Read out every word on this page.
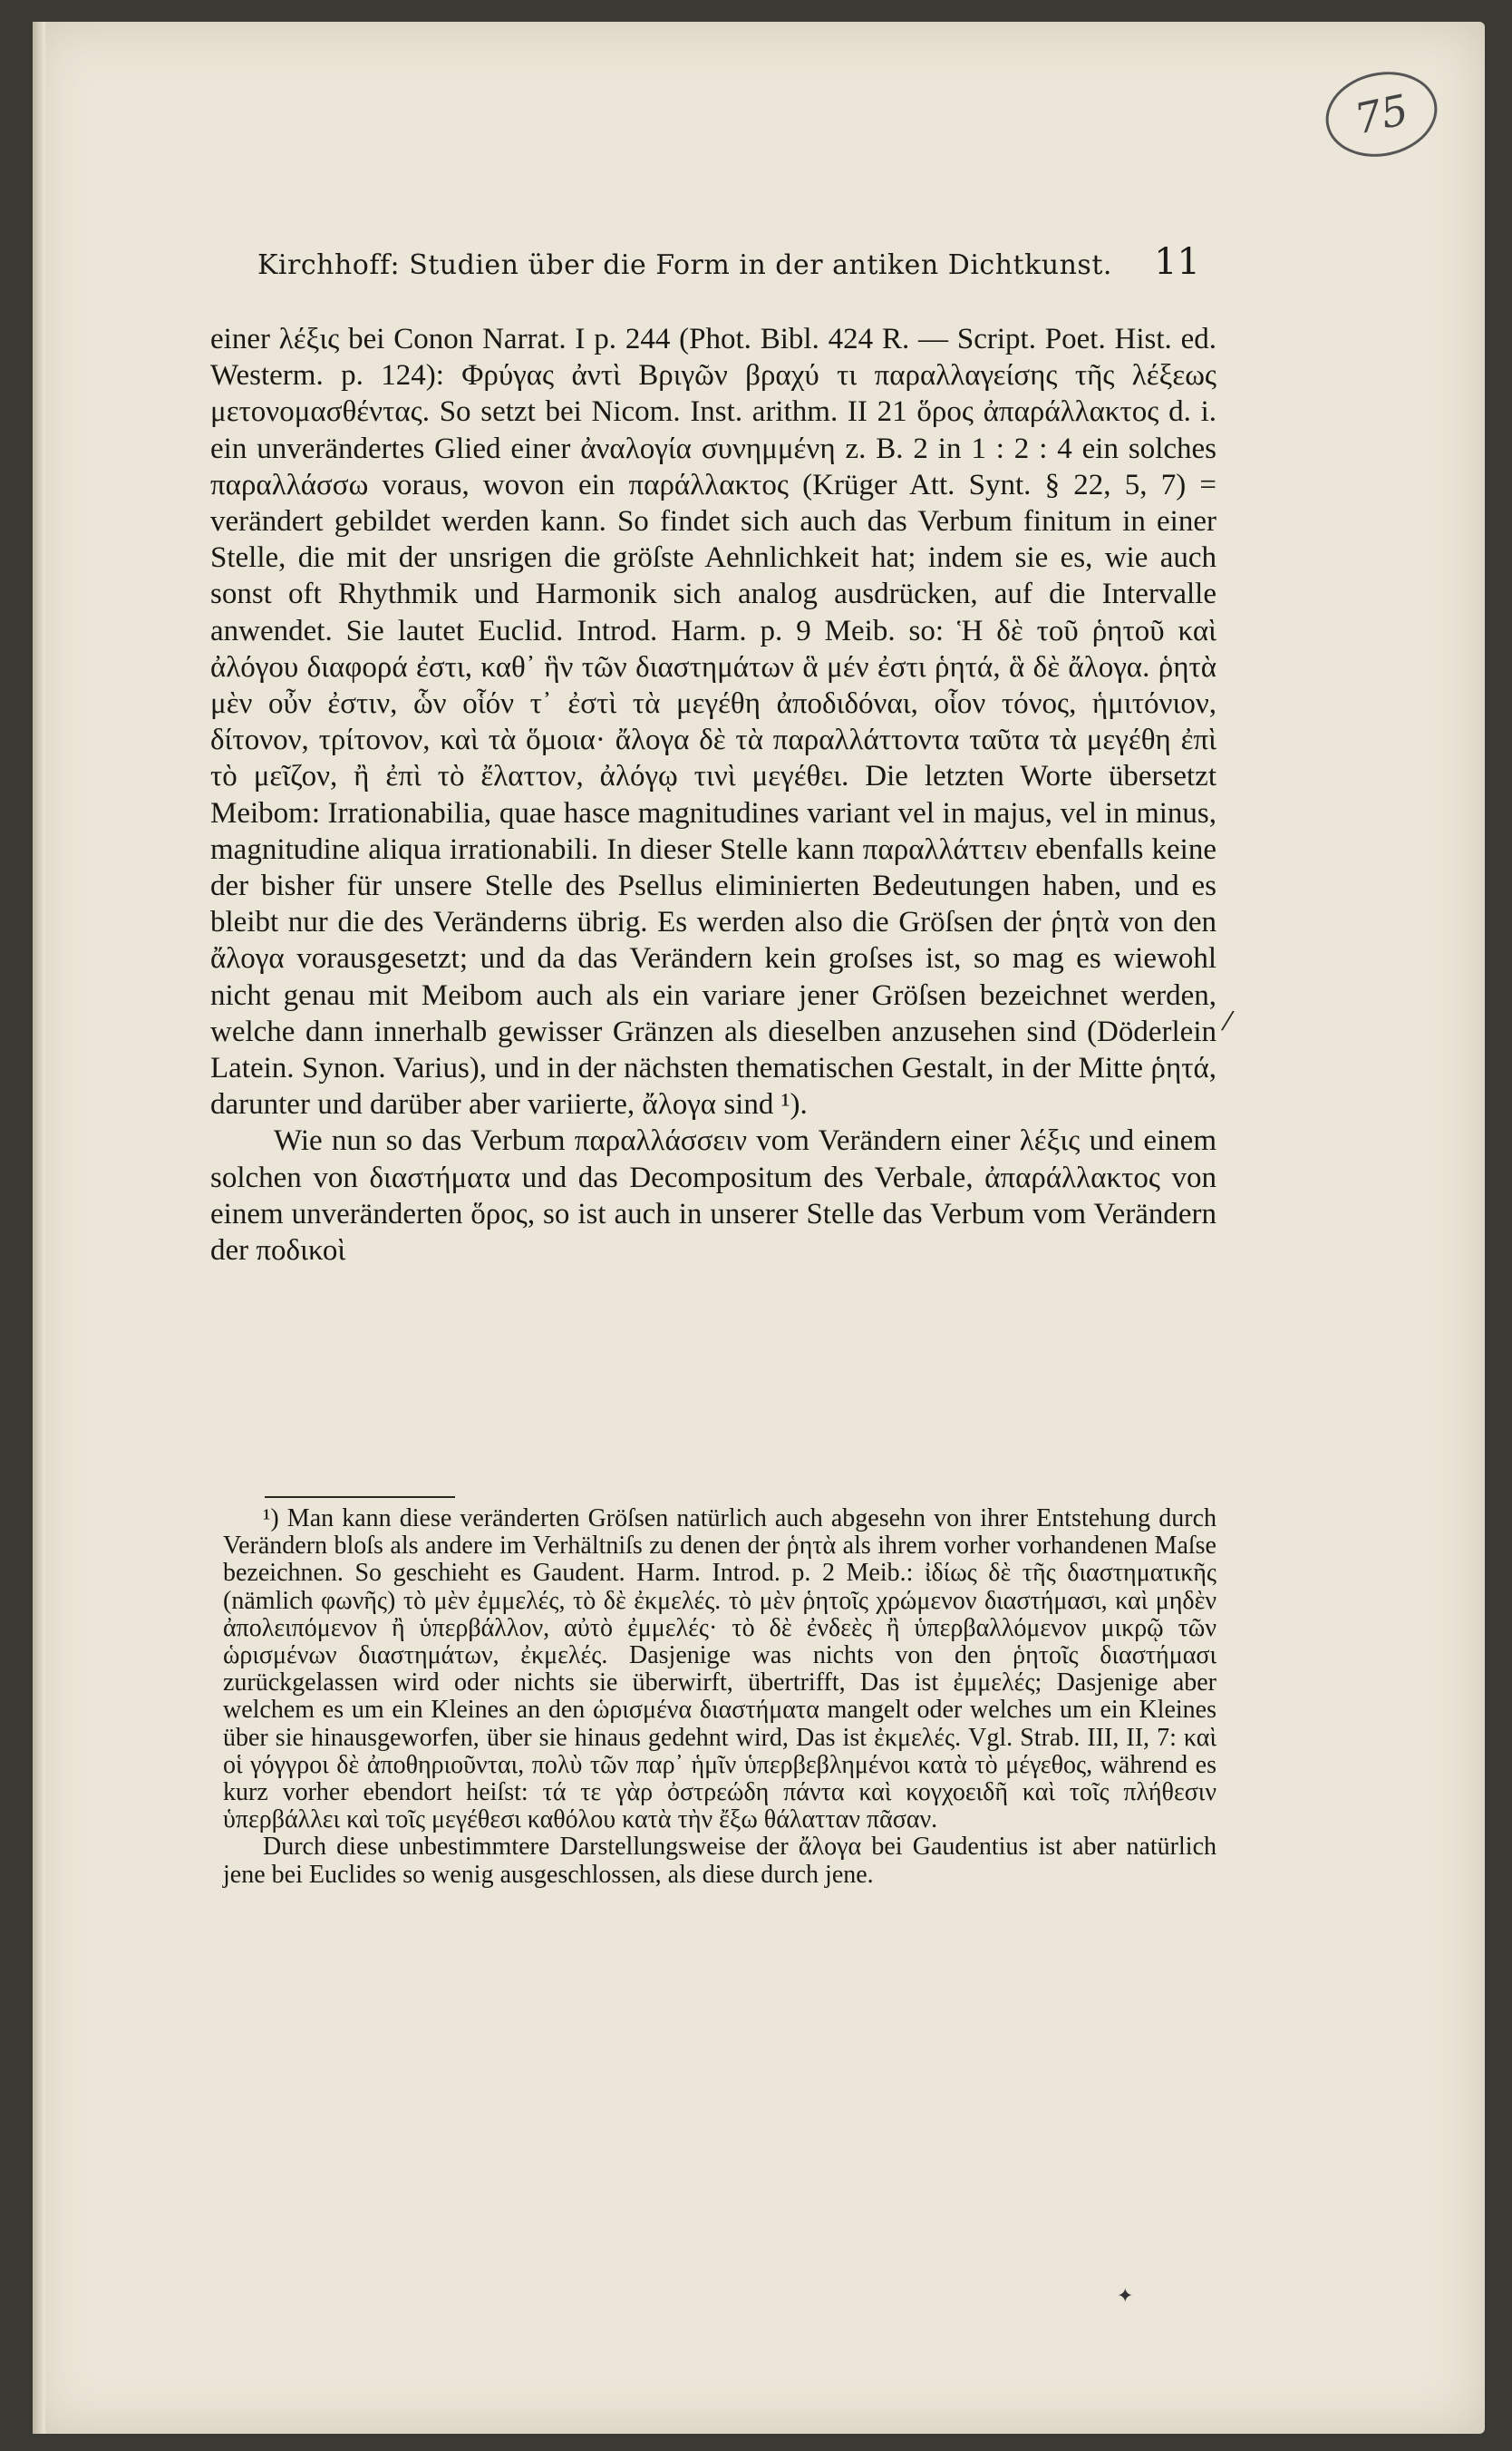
75
Kirchhoff: Studien über die Form in der antiken Dichtkunst. 11

einer λέξις bei Conon Narrat. I p. 244 (Phot. Bibl. 424 R. — Script. Poet. Hist. ed. Westerm. p. 124): Φρύγας ἀντὶ Βριγῶν βραχύ τι παραλλαγείσης τῆς λέξεως μετονομασθέντας. So setzt bei Nicom. Inst. arithm. II 21 ὅρος ἀπαράλλακτος d. i. ein unverändertes Glied einer ἀναλογία συνημμένη z. B. 2 in 1 : 2 : 4 ein solches παραλλάσσω voraus, wovon ein παράλλακτος (Krüger Att. Synt. § 22, 5, 7) = verändert gebildet werden kann. So findet sich auch das Verbum finitum in einer Stelle, die mit der unsrigen die gröſste Aehnlichkeit hat; indem sie es, wie auch sonst oft Rhythmik und Harmonik sich analog ausdrücken, auf die Intervalle anwendet. Sie lautet Euclid. Introd. Harm. p. 9 Meib. so: Ἡ δὲ τοῦ ῥητοῦ καὶ ἀλόγου διαφορά ἐστι, καθ᾽ ἣν τῶν διαστημάτων ἃ μέν ἐστι ῥητά, ἃ δὲ ἄλογα. ῥητὰ μὲν οὖν ἐστιν, ὧν οἷόν τ᾽ ἐστὶ τὰ μεγέθη ἀποδιδόναι, οἷον τόνος, ἡμιτόνιον, δίτονον, τρίτονον, καὶ τὰ ὅμοια· ἄλογα δὲ τὰ παραλλάττοντα ταῦτα τὰ μεγέθη ἐπὶ τὸ μεῖζον, ἢ ἐπὶ τὸ ἔλαττον, ἀλόγῳ τινὶ μεγέθει. Die letzten Worte übersetzt Meibom: Irrationabilia, quae hasce magnitudines variant vel in majus, vel in minus, magnitudine aliqua irrationabili. In dieser Stelle kann παραλλάττειν ebenfalls keine der bisher für unsere Stelle des Psellus eliminierten Bedeutungen haben, und es bleibt nur die des Veränderns übrig. Es werden also die Gröſsen der ῥητὰ von den ἄλογα vorausgesetzt; und da das Verändern kein groſses ist, so mag es wiewohl nicht genau mit Meibom auch als ein variare jener Gröſsen bezeichnet werden, welche dann innerhalb gewisser Gränzen als dieselben anzusehen sind (Döderlein Latein. Synon. Varius), und in der nächsten thematischen Gestalt, in der Mitte ῥητά, darunter und darüber aber variierte, ἄλογα sind ¹).

Wie nun so das Verbum παραλλάσσειν vom Verändern einer λέξις und einem solchen von διαστήματα und das Decompositum des Verbale, ἀπαράλλακτος von einem unveränderten ὅρος, so ist auch in unserer Stelle das Verbum vom Verändern der ποδικοὶ

⁄

¹) Man kann diese veränderten Gröſsen natürlich auch abgesehn von ihrer Entstehung durch Verändern bloſs als andere im Verhältniſs zu denen der ῥητὰ als ihrem vorher vorhandenen Maſse bezeichnen. So geschieht es Gaudent. Harm. Introd. p. 2 Meib.: ἰδίως δὲ τῆς διαστηματικῆς (nämlich φωνῆς) τὸ μὲν ἐμμελές, τὸ δὲ ἐκμελές. τὸ μὲν ῥητοῖς χρώμενον διαστήμασι, καὶ μηδὲν ἀπολειπόμενον ἢ ὑπερβάλλον, αὐτὸ ἐμμελές· τὸ δὲ ἐνδεὲς ἢ ὑπερβαλλόμενον μικρῷ τῶν ὡρισμένων διαστημάτων, ἐκμελές. Dasjenige was nichts von den ῥητοῖς διαστήμασι zurückgelassen wird oder nichts sie überwirft, übertrifft, Das ist ἐμμελές; Dasjenige aber welchem es um ein Kleines an den ὡρισμένα διαστήματα mangelt oder welches um ein Kleines über sie hinausgeworfen, über sie hinaus gedehnt wird, Das ist ἐκμελές. Vgl. Strab. III, II, 7: καὶ οἱ γόγγροι δὲ ἀποθηριοῦνται, πολὺ τῶν παρ᾽ ἡμῖν ὑπερβεβλημένοι κατὰ τὸ μέγεθος, während es kurz vorher ebendort heiſst: τά τε γὰρ ὀστρεώδη πάντα καὶ κογχοειδῆ καὶ τοῖς πλήθεσιν ὑπερβάλλει καὶ τοῖς μεγέθεσι καθόλου κατὰ τὴν ἔξω θάλατταν πᾶσαν.

Durch diese unbestimmtere Darstellungsweise der ἄλογα bei Gaudentius ist aber natürlich jene bei Euclides so wenig ausgeschlossen, als diese durch jene.

✦
